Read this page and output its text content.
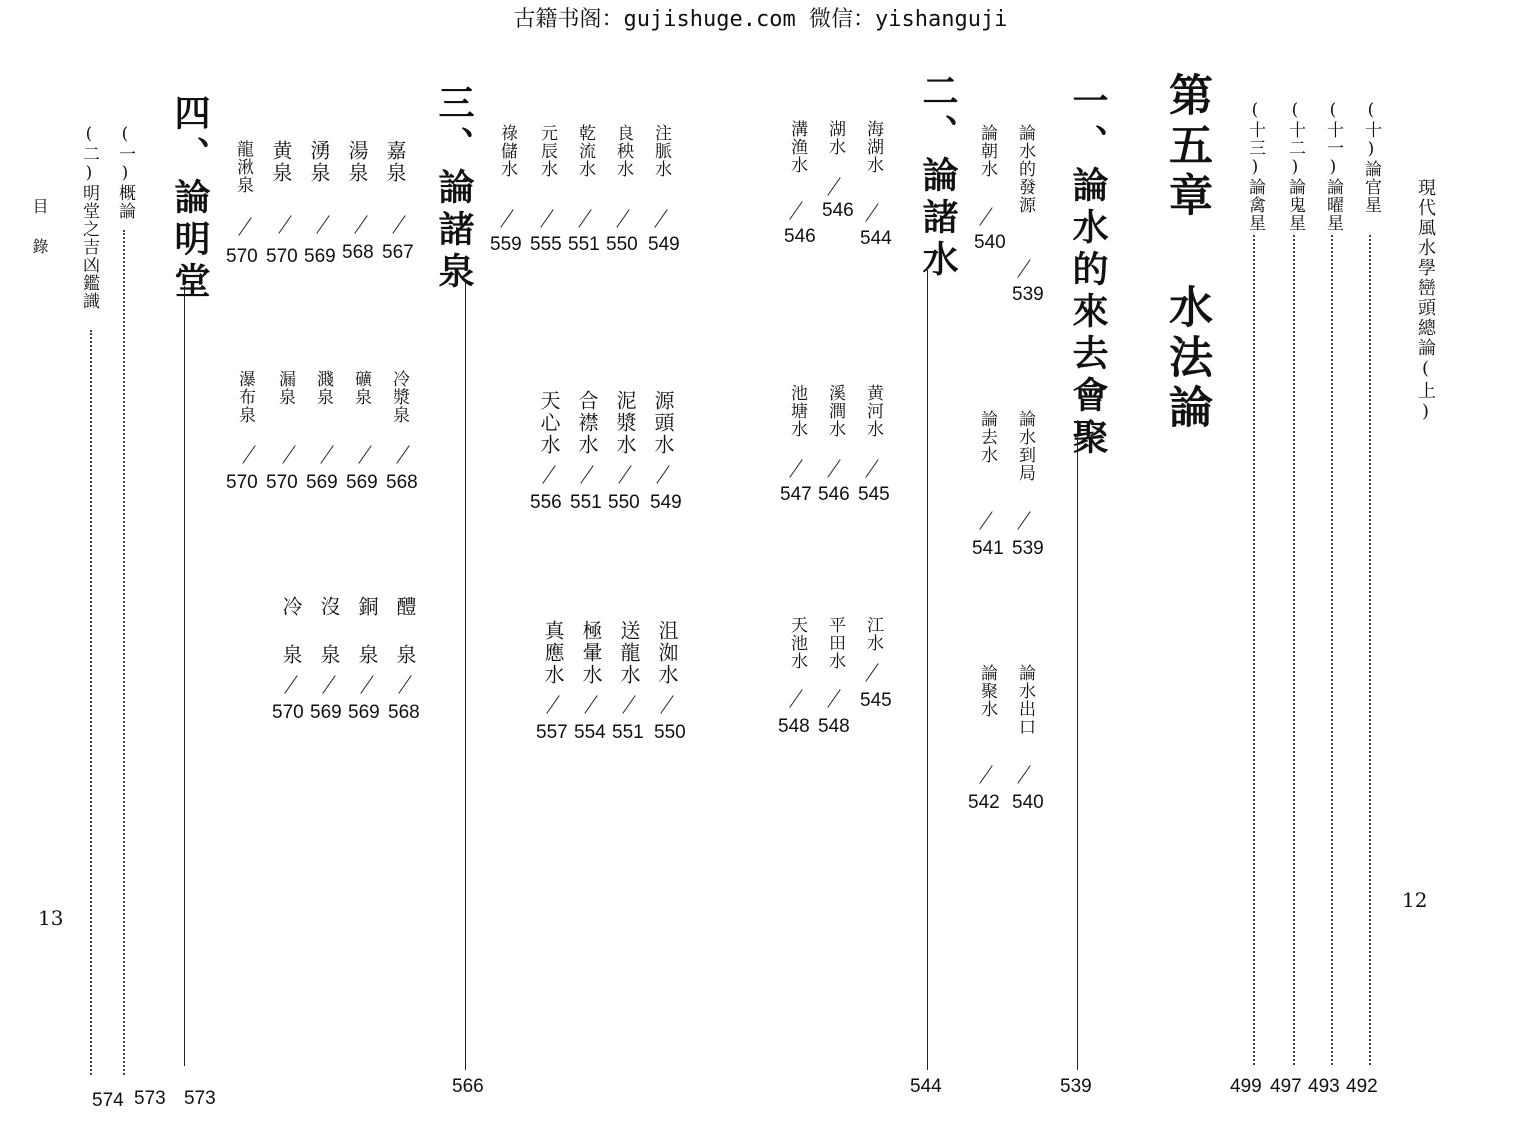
古籍书阁：gujishuge.com 微信：yishanguji
現代風水學巒頭總論(上)
目錄
12
13
第五章
水法論
(十)論官星
492
(十一)論曜星
493
(十二)論鬼星
497
(十三)論禽星
499
一、論水的來去會聚
539
論水的發源
539
論朝水
540
論水到局
539
論去水
541
論水出口
540
論聚水
542
二、論諸水
544
海湖水
544
湖水
546
溝渔水
546
黄河水
545
溪澗水
546
池塘水
547
江水
545
平田水
548
天池水
548
三、論諸泉
566
注脈水
549
良秧水
550
乾流水
551
元辰水
555
祿儲水
559
源頭水
549
泥漿水
550
合襟水
551
天心水
556
沮洳水
550
送龍水
551
極暈水
554
真應水
557
四、論明堂
573
嘉泉
567
湯泉
568
湧泉
569
黄泉
570
龍湫泉
570
冷漿泉
568
礦泉
569
濺泉
569
漏泉
570
瀑布泉
570
醴泉
568
銅泉
569
沒泉
569
冷泉
570
(一)概論
573
(二)明堂之吉凶鑑識
574
